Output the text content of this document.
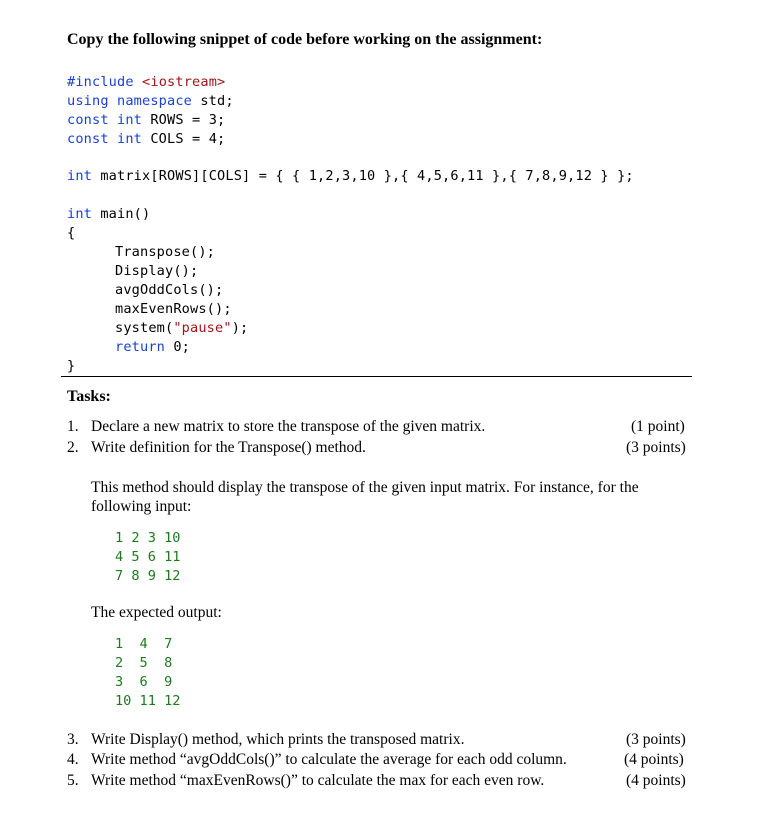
Copy the following snippet of code before working on the assignment:
#include <iostream>
using namespace std;
const int ROWS = 3;
const int COLS = 4;
int matrix[ROWS][COLS] = { { 1,2,3,10 },{ 4,5,6,11 },{ 7,8,9,12 } };
int main()
{
Transpose();
Display();
avgOddCols();
maxEvenRows();
system("pause");
return 0;
}
Tasks:
1. Declare a new matrix to store the transpose of the given matrix.	(1 point)
2. Write definition for the Transpose() method.	(3 points)
This method should display the transpose of the given input matrix. For instance, for the
following input:
1 2 3 10
4 5 6 11
7 8 9 12
The expected output:
1  4  7
2  5  8
3  6  9
10 11 12
3. Write Display() method, which prints the transposed matrix.	(3 points)
4. Write method “avgOddCols()” to calculate the average for each odd column.	(4 points)
5. Write method “maxEvenRows()” to calculate the max for each even row.	(4 points)
